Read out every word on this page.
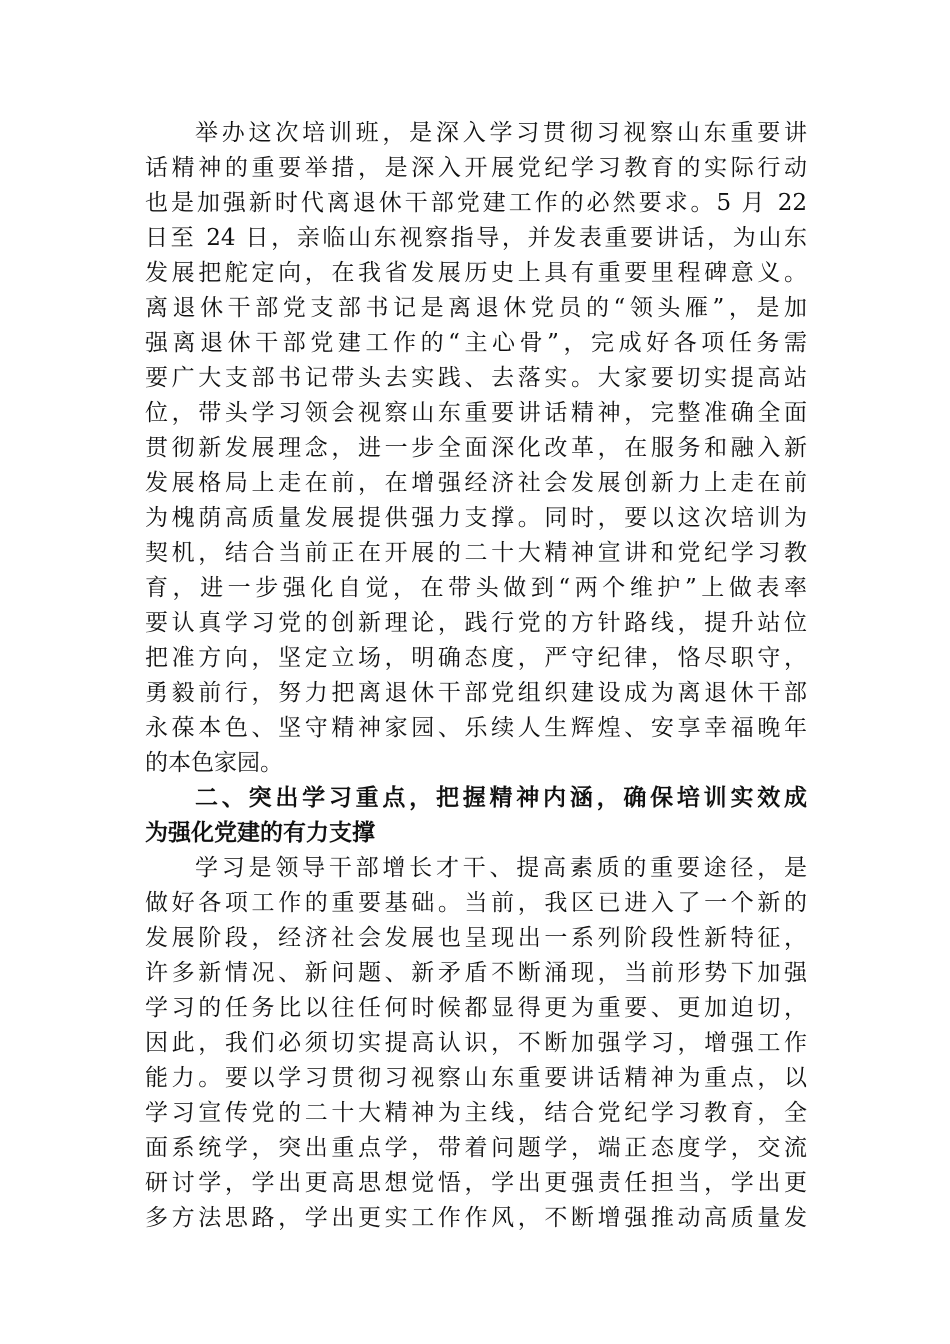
举办这次培训班，是深入学习贯彻习视察山东重要讲
话精神的重要举措，是深入开展党纪学习教育的实际行动
也是加强新时代离退休干部党建工作的必然要求。5 月 22
日至 24 日，亲临山东视察指导，并发表重要讲话，为山东
发展把舵定向，在我省发展历史上具有重要里程碑意义。
离退休干部党支部书记是离退休党员的“领头雁”，是加
强离退休干部党建工作的“主心骨”，完成好各项任务需
要广大支部书记带头去实践、去落实。大家要切实提高站
位，带头学习领会视察山东重要讲话精神，完整准确全面
贯彻新发展理念，进一步全面深化改革，在服务和融入新
发展格局上走在前，在增强经济社会发展创新力上走在前
为槐荫高质量发展提供强力支撑。同时，要以这次培训为
契机，结合当前正在开展的二十大精神宣讲和党纪学习教
育，进一步强化自觉，在带头做到“两个维护”上做表率
要认真学习党的创新理论，践行党的方针路线，提升站位
把准方向，坚定立场，明确态度，严守纪律，恪尽职守，
勇毅前行，努力把离退休干部党组织建设成为离退休干部
永葆本色、坚守精神家园、乐续人生辉煌、安享幸福晚年
的本色家园。
二、突出学习重点，把握精神内涵，确保培训实效成
为强化党建的有力支撑
学习是领导干部增长才干、提高素质的重要途径，是
做好各项工作的重要基础。当前，我区已进入了一个新的
发展阶段，经济社会发展也呈现出一系列阶段性新特征，
许多新情况、新问题、新矛盾不断涌现，当前形势下加强
学习的任务比以往任何时候都显得更为重要、更加迫切，
因此，我们必须切实提高认识，不断加强学习，增强工作
能力。要以学习贯彻习视察山东重要讲话精神为重点，以
学习宣传党的二十大精神为主线，结合党纪学习教育，全
面系统学，突出重点学，带着问题学，端正态度学，交流
研讨学，学出更高思想觉悟，学出更强责任担当，学出更
多方法思路，学出更实工作作风，不断增强推动高质量发
